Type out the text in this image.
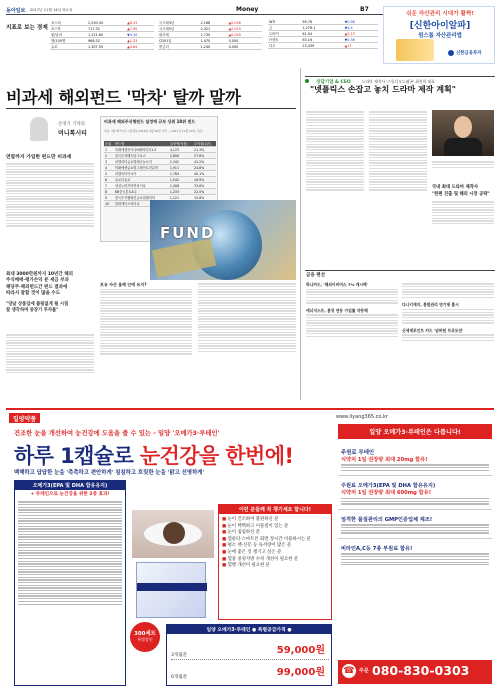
동아일보 2017년 11월 14일 화요일	Money	B7
쉬운 자산관리 시대가 활짝!
[신한아이알파]
원스톱 자산관리앱
신한금융투자
지표로 보는 경제
코스피	2,530.45	▲8.33
코스닥	717.32	▲7.95
원/달러	1,121.60	▼3.10
엔/100엔	988.32	▲1.23
유로	1,307.95	▲4.84
국고채3년	2.168	▲0.006
국고채5년	2.421	▲0.010
회사채	2.730	▲0.005
CD91일	1.470	0.000
콜금리	1.240	0.000
WTI	56.76	▼0.98
금	1,276.1	▼4.4
두바이	61.04	▲0.15
브렌트	63.16	▼0.36
다우	23,439	▲17
비과세 해외펀드 '막차' 탈까 말까
손영기 기자의
머니톡시티
연말까지 가입한 펀드만 비과세
최대 3000만원까지 10년간 해외
주식매매·평가손익 분 세금 부과
해당주·해외펀드간 편드 결과에
따라서 잘할 것이 많을 수도
"양날 상품임에 틀림없게 될 시점
잘 생각하며 중장기 투자를"
비과세 해외주식형펀드 설정액 규모 상위 10위 펀드
자료: 에프앤가이드 (설정일 2016년 2월 29일 이후 ~ 2017년 11월 10일 기준)
순위	펀드명	설정액(억원)	수익률(1년)
1	미래에셋차이나H레버리지1.5	4,123	21.3%
2	한국투자베트남그로스	2,856	27.6%
3	피델리티글로벌테크놀로지	2,342	41.2%
4	미래에셋글로벌그레이트컨슈머	1,911	24.8%
5	피델리티아시아	1,784	40.1%
6	슈로더유로	1,542	16.9%
7	삼성누버거버먼차이나	1,408	33.6%
8	KB중국본토A주	1,233	22.5%
9	한국투자웰링턴글로벌퀄리티	1,121	15.8%
10	한화에이스차이나		
FUND
보유 자산 올해 안에 유지?
상담기업 & CEO	드라마 제작사 '스튜디오드래곤' 최진희 대표
"넷플릭스 손잡고 놓치 드라마 제작 계획"
국내 최대 드라마 제작사
"한편 진출 및 해외 시장 공략"
금융 편선
하나카드, '해외이커머스 7% 캐시백'
에너지스트, 통장 연동 가입률 약동해
다니키캐지, 통합관리 연기제 출시
신세계포인트 카드 '넘버원 프로모션'
일양약품	www.ilyang365.co.kr
건조한 눈을 개선하여 눈건강에 도움을 줄 수 있는 - 일양 '오메가3·루테인'
하루 1캡슐로 눈건강을 한번에!
백해하고 답답한 눈을 '촉촉하고 편안하게' 침침하고 흐릿한 눈을 '맑고 선명하게'
오메가3(EPA 및 DHA 함유유지)
+ 루테인으로 눈건강을 위한 2중 효과!
300세트
특별할인
이런 분들께 꼭 챙기세요 합니다!
■ 눈이 건조하여 불편하신 분
■ 눈이 뻑뻑하고 이물질이 있는 분
■ 눈이 침침하신 분
■ 컴퓨터·스마트폰 화면 장시간 이용하시는 분
■ 평소 책·신문 등 독서량이 많은 분
■ 눈에 좋은 것 챙기고 싶은 분
■ 혈중 중성지방 수치 개선이 필요한 분
■ 혈행 개선이 필요한 분
일양 오메가3·루테인 ● 특별공급가격 ●
3개월분	59,000원
6개월분	99,000원
일양 오메가3·루테인은 다릅니다!
주원료 루테인
식약처 1일 권장량 최대 20mg 함유!
주원료 오메가3(EPA 및 DHA 함유유지)
식약처 1일 권장량 최대 600mg 함유!
엄격한 품질관리의 GMP인증업체 제조!
비타민A,C등 7종 부원료 함유!
☎ 주문 080-830-0303
